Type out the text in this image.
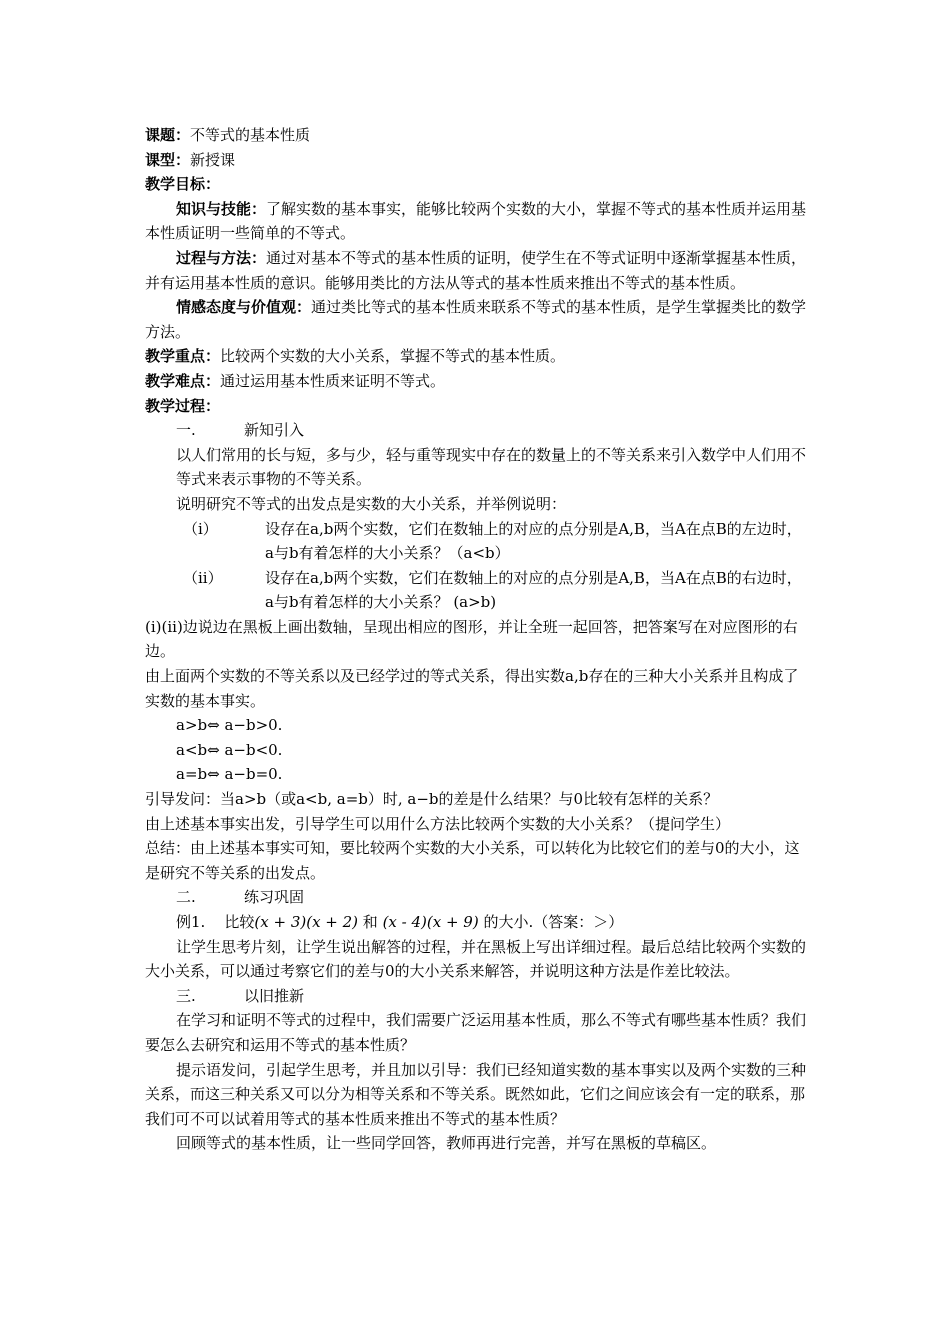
课题：不等式的基本性质

课型：新授课

教学目标：

知识与技能：了解实数的基本事实，能够比较两个实数的大小，掌握不等式的基本性质并运用基本性质证明一些简单的不等式。

过程与方法：通过对基本不等式的基本性质的证明，使学生在不等式证明中逐渐掌握基本性质，并有运用基本性质的意识。能够用类比的方法从等式的基本性质来推出不等式的基本性质。

情感态度与价值观：通过类比等式的基本性质来联系不等式的基本性质，是学生掌握类比的数学方法。

教学重点：比较两个实数的大小关系，掌握不等式的基本性质。

教学难点：通过运用基本性质来证明不等式。

教学过程：

一.	新知引入

以人们常用的长与短，多与少，轻与重等现实中存在的数量上的不等关系来引入数学中人们用不等式来表示事物的不等关系。

说明研究不等式的出发点是实数的大小关系，并举例说明：

（i）	设存在a,b两个实数，它们在数轴上的对应的点分别是A,B，当A在点B的左边时，a与b有着怎样的大小关系？（a<b）
（ii）	设存在a,b两个实数，它们在数轴上的对应的点分别是A,B，当A在点B的右边时，a与b有着怎样的大小关系？ (a>b)

(i)(ii)边说边在黑板上画出数轴，呈现出相应的图形，并让全班一起回答，把答案写在对应图形的右边。

由上面两个实数的不等关系以及已经学过的等式关系，得出实数a,b存在的三种大小关系并且构成了实数的基本事实。

a>b⇔ a−b>0.

a<b⇔ a−b<0.

a=b⇔ a−b=0.

引导发问：当a>b（或a<b, a=b）时, a−b的差是什么结果？与0比较有怎样的关系？

由上述基本事实出发，引导学生可以用什么方法比较两个实数的大小关系？（提问学生）

总结：由上述基本事实可知，要比较两个实数的大小关系，可以转化为比较它们的差与0的大小，这是研究不等关系的出发点。

二.	练习巩固

例1. 比较(x + 3)(x + 2) 和 (x - 4)(x + 9) 的大小.（答案：＞）

让学生思考片刻，让学生说出解答的过程，并在黑板上写出详细过程。最后总结比较两个实数的大小关系，可以通过考察它们的差与0的大小关系来解答，并说明这种方法是作差比较法。

三.	以旧推新

在学习和证明不等式的过程中，我们需要广泛运用基本性质，那么不等式有哪些基本性质？我们要怎么去研究和运用不等式的基本性质？

提示语发问，引起学生思考，并且加以引导：我们已经知道实数的基本事实以及两个实数的三种关系，而这三种关系又可以分为相等关系和不等关系。既然如此，它们之间应该会有一定的联系，那我们可不可以试着用等式的基本性质来推出不等式的基本性质？

回顾等式的基本性质，让一些同学回答，教师再进行完善，并写在黑板的草稿区。
